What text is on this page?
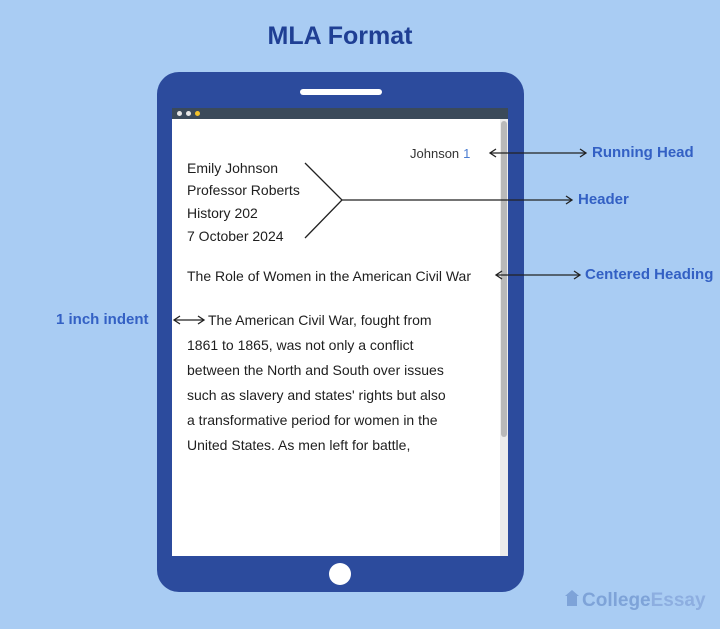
MLA Format
Johnson 1
Emily Johnson
Professor Roberts
History 202
7 October 2024
The Role of Women in the American Civil War
The American Civil War, fought from
1861 to 1865, was not only a conflict
between the North and South over issues
such as slavery and states' rights but also
a transformative period for women in the
United States. As men left for battle,
Running Head
Header
Centered Heading
1 inch indent
CollegeEssay
